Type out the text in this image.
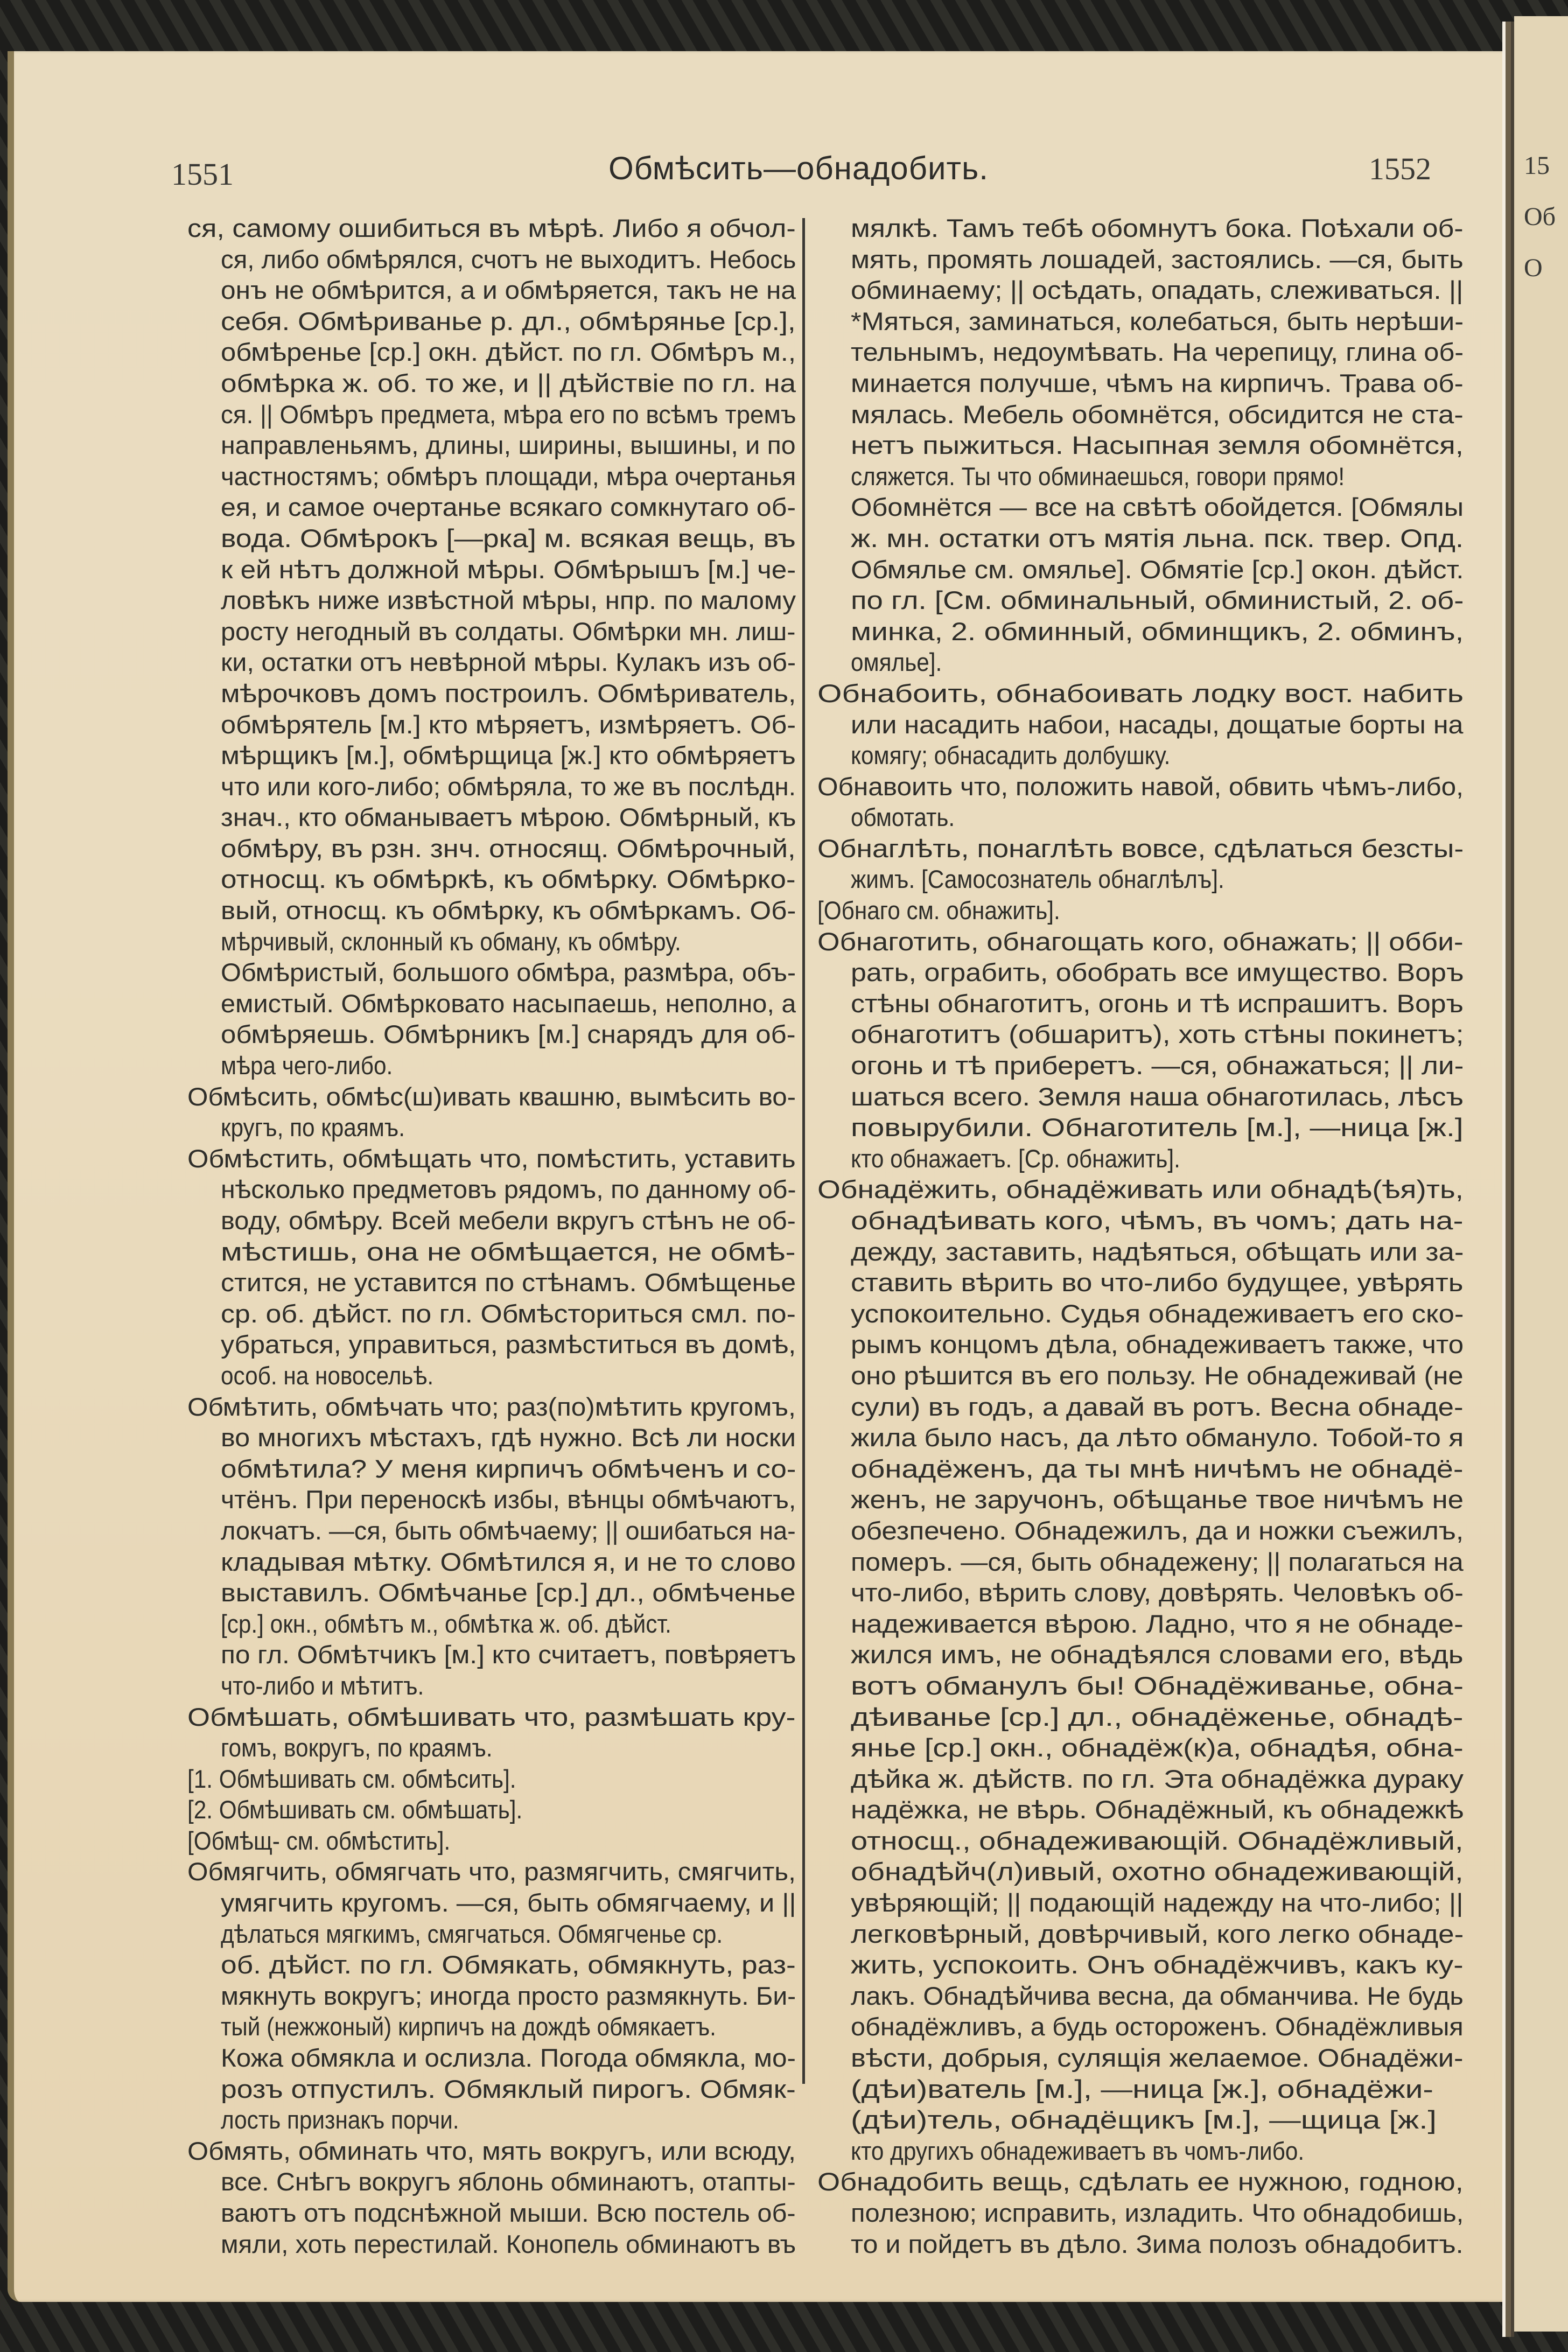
15
Об
О
1551	Обмѣсить—обнадобить.	1552
ся, самому ошибиться въ мѣрѣ. Либо я обчол-
ся, либо обмѣрялся, счотъ не выходитъ. Небось
онъ не обмѣрится, а и обмѣряется, такъ не на
себя. Обмѣриванье р. дл., обмѣрянье [ср.],
обмѣренье [ср.] окн. дѣйст. по гл. Обмѣръ м.,
обмѣрка ж. об. то же, и || дѣйствіе по гл. на
ся. || Обмѣръ предмета, мѣра его по всѣмъ тремъ
направленьямъ, длины, ширины, вышины, и по
частностямъ; обмѣръ площади, мѣра очертанья
ея, и самое очертанье всякаго сомкнутаго об-
вода. Обмѣрокъ [—рка] м. всякая вещь, въ
к ей нѣтъ должной мѣры. Обмѣрышъ [м.] че-
ловѣкъ ниже извѣстной мѣры, нпр. по малому
росту негодный въ солдаты. Обмѣрки мн. лиш-
ки, остатки отъ невѣрной мѣры. Кулакъ изъ об-
мѣрочковъ домъ построилъ. Обмѣриватель,
обмѣрятель [м.] кто мѣряетъ, измѣряетъ. Об-
мѣрщикъ [м.], обмѣрщица [ж.] кто обмѣряетъ
что или кого-либо; обмѣряла, то же въ послѣдн.
знач., кто обманываетъ мѣрою. Обмѣрный, къ
обмѣру, въ рзн. знч. относящ. Обмѣрочный,
относщ. къ обмѣркѣ, къ обмѣрку. Обмѣрко-
вый, относщ. къ обмѣрку, къ обмѣркамъ. Об-
мѣрчивый, склонный къ обману, къ обмѣру.
Обмѣристый, большого обмѣра, размѣра, объ-
емистый. Обмѣрковато насыпаешь, неполно, а
обмѣряешь. Обмѣрникъ [м.] снарядъ для об-
мѣра чего-либо.
Обмѣсить, обмѣс(ш)ивать квашню, вымѣсить во-
кругъ, по краямъ.
Обмѣстить, обмѣщать что, помѣстить, уставить
нѣсколько предметовъ рядомъ, по данному об-
воду, обмѣру. Всей мебели вкругъ стѣнъ не об-
мѣстишь, она не обмѣщается, не обмѣ-
стится, не уставится по стѣнамъ. Обмѣщенье
ср. об. дѣйст. по гл. Обмѣсториться смл. по-
убраться, управиться, размѣститься въ домѣ,
особ. на новосельѣ.
Обмѣтить, обмѣчать что; раз(по)мѣтить кругомъ,
во многихъ мѣстахъ, гдѣ нужно. Всѣ ли носки
обмѣтила? У меня кирпичъ обмѣченъ и со-
чтёнъ. При переноскѣ избы, вѣнцы обмѣчаютъ,
локчатъ. —ся, быть обмѣчаему; || ошибаться на-
кладывая мѣтку. Обмѣтился я, и не то слово
выставилъ. Обмѣчанье [ср.] дл., обмѣченье
[ср.] окн., обмѣтъ м., обмѣтка ж. об. дѣйст.
по гл. Обмѣтчикъ [м.] кто считаетъ, повѣряетъ
что-либо и мѣтитъ.
Обмѣшать, обмѣшивать что, размѣшать кру-
гомъ, вокругъ, по краямъ.
[1. Обмѣшивать см. обмѣсить].
[2. Обмѣшивать см. обмѣшать].
[Обмѣщ- см. обмѣстить].
Обмягчить, обмягчать что, размягчить, смягчить,
умягчить кругомъ. —ся, быть обмягчаему, и ||
дѣлаться мягкимъ, смягчаться. Обмягченье ср.
об. дѣйст. по гл. Обмякать, обмякнуть, раз-
мякнуть вокругъ; иногда просто размякнуть. Би-
тый (нежжоный) кирпичъ на дождѣ обмякаетъ.
Кожа обмякла и ослизла. Погода обмякла, мо-
розъ отпустилъ. Обмяклый пирогъ. Обмяк-
лость признакъ порчи.
Обмять, обминать что, мять вокругъ, или всюду,
все. Снѣгъ вокругъ яблонь обминаютъ, отапты-
ваютъ отъ подснѣжной мыши. Всю постель об-
мяли, хоть перестилай. Конопель обминаютъ въ
мялкѣ. Тамъ тебѣ обомнутъ бока. Поѣхали об-
мять, промять лошадей, застоялись. —ся, быть
обминаему; || осѣдать, опадать, слеживаться. ||
*Мяться, заминаться, колебаться, быть нерѣши-
тельнымъ, недоумѣвать. На черепицу, глина об-
минается получше, чѣмъ на кирпичъ. Трава об-
мялась. Мебель обомнётся, обсидится не ста-
нетъ пыжиться. Насыпная земля обомнётся,
сляжется. Ты что обминаешься, говори прямо!
Обомнётся — все на свѣтѣ обойдется. [Обмялы
ж. мн. остатки отъ мятія льна. пск. твер. Опд.
Обмялье см. омялье]. Обмятіе [ср.] окон. дѣйст.
по гл. [См. обминальный, обминистый, 2. об-
минка, 2. обминный, обминщикъ, 2. обминъ,
омялье].
Обнабоить, обнабоивать лодку вост. набить
или насадить набои, насады, дощатые борты на
комягу; обнасадить долбушку.
Обнавоить что, положить навой, обвить чѣмъ-либо,
обмотать.
Обнаглѣть, понаглѣть вовсе, сдѣлаться безсты-
жимъ. [Самосознатель обнаглѣлъ].
[Обнаго см. обнажить].
Обнаготить, обнагощать кого, обнажать; || обби-
рать, ограбить, обобрать все имущество. Воръ
стѣны обнаготитъ, огонь и тѣ испрашитъ. Воръ
обнаготитъ (обшаритъ), хоть стѣны покинетъ;
огонь и тѣ приберетъ. —ся, обнажаться; || ли-
шаться всего. Земля наша обнаготилась, лѣсъ
повырубили. Обнаготитель [м.], —ница [ж.]
кто обнажаетъ. [Ср. обнажить].
Обнадёжить, обнадёживать или обнадѣ(ѣя)ть,
обнадѣивать кого, чѣмъ, въ чомъ; дать на-
дежду, заставить, надѣяться, обѣщать или за-
ставить вѣрить во что-либо будущее, увѣрять
успокоительно. Судья обнадеживаетъ его ско-
рымъ концомъ дѣла, обнадеживаетъ также, что
оно рѣшится въ его пользу. Не обнадеживай (не
сули) въ годъ, а давай въ ротъ. Весна обнаде-
жила было насъ, да лѣто обмануло. Тобой-то я
обнадёженъ, да ты мнѣ ничѣмъ не обнадё-
женъ, не заручонъ, обѣщанье твое ничѣмъ не
обезпечено. Обнадежилъ, да и ножки съежилъ,
померъ. —ся, быть обнадежену; || полагаться на
что-либо, вѣрить слову, довѣрять. Человѣкъ об-
надеживается вѣрою. Ладно, что я не обнаде-
жился имъ, не обнадѣялся словами его, вѣдь
вотъ обманулъ бы! Обнадёживанье, обна-
дѣиванье [ср.] дл., обнадёженье, обнадѣ-
янье [ср.] окн., обнадёж(к)а, обнадѣя, обна-
дѣйка ж. дѣйств. по гл. Эта обнадёжка дураку
надёжка, не вѣрь. Обнадёжный, къ обнадежкѣ
относщ., обнадеживающій. Обнадёжливый,
обнадѣйч(л)ивый, охотно обнадеживающій,
увѣряющій; || подающій надежду на что-либо; ||
легковѣрный, довѣрчивый, кого легко обнаде-
жить, успокоить. Онъ обнадёжчивъ, какъ ку-
лакъ. Обнадѣйчива весна, да обманчива. Не будь
обнадёжливъ, а будь остороженъ. Обнадёжливыя
вѣсти, добрыя, сулящія желаемое. Обнадёжи-
(дѣи)ватель [м.], —ница [ж.], обнадёжи-
(дѣи)тель, обнадёщикъ [м.], —щица [ж.]
кто другихъ обнадеживаетъ въ чомъ-либо.
Обнадобить вещь, сдѣлать ее нужною, годною,
полезною; исправить, изладить. Что обнадобишь,
то и пойдетъ въ дѣло. Зима полозъ обнадобитъ.
